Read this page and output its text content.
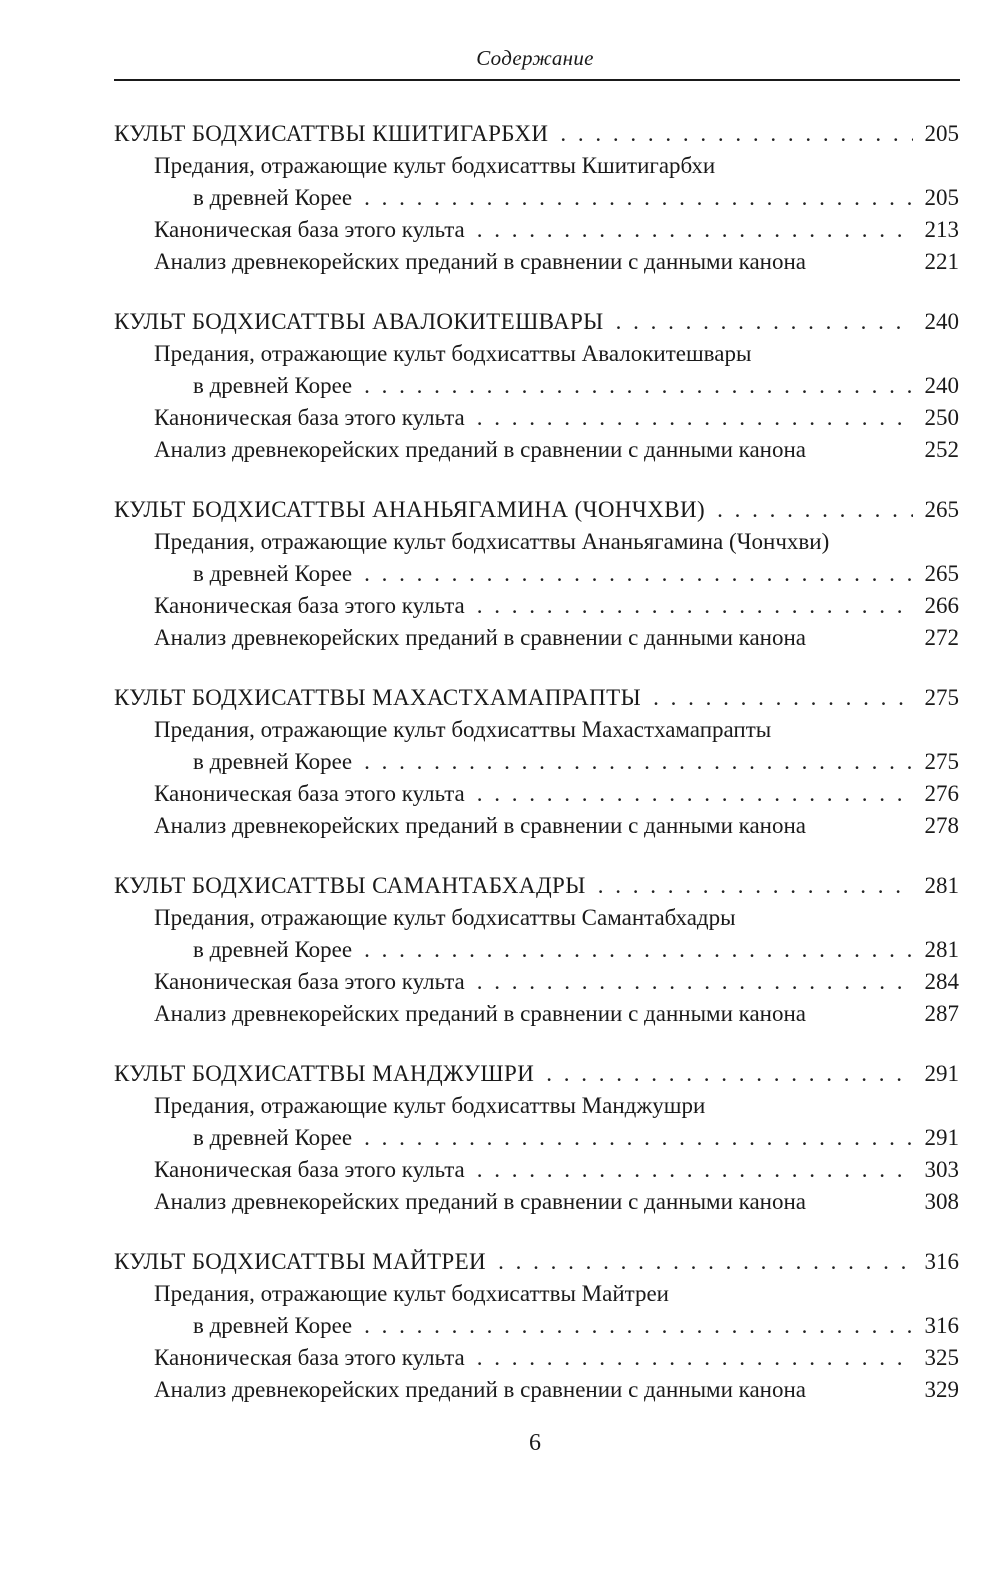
Содержание
КУЛЬТ БОДХИСАТТВЫ КШИТИГАРБХИ . . .	205
Предания, отражающие культ бодхисаттвы Кшитигарбхи
в древней Корее . . .	205
Каноническая база этого культа . . .	213
Анализ древнекорейских преданий в сравнении с данными канона	221
КУЛЬТ БОДХИСАТТВЫ АВАЛОКИТЕШВАРЫ . . .	240
Предания, отражающие культ бодхисаттвы Авалокитешвары
в древней Корее . . .	240
Каноническая база этого культа . . .	250
Анализ древнекорейских преданий в сравнении с данными канона	252
КУЛЬТ БОДХИСАТТВЫ АНАНЬЯГАМИНА (ЧОНЧХВИ) . . .	265
Предания, отражающие культ бодхисаттвы Ананьягамина (Чончхви)
в древней Корее . . .	265
Каноническая база этого культа . . .	266
Анализ древнекорейских преданий в сравнении с данными канона	272
КУЛЬТ БОДХИСАТТВЫ МАХАСТХАМАПРАПТЫ . . .	275
Предания, отражающие культ бодхисаттвы Махастхамапрапты
в древней Корее . . .	275
Каноническая база этого культа . . .	276
Анализ древнекорейских преданий в сравнении с данными канона	278
КУЛЬТ БОДХИСАТТВЫ САМАНТАБХАДРЫ . . .	281
Предания, отражающие культ бодхисаттвы Самантабхадры
в древней Корее . . .	281
Каноническая база этого культа . . .	284
Анализ древнекорейских преданий в сравнении с данными канона	287
КУЛЬТ БОДХИСАТТВЫ МАНДЖУШРИ . . .	291
Предания, отражающие культ бодхисаттвы Манджушри
в древней Корее . . .	291
Каноническая база этого культа . . .	303
Анализ древнекорейских преданий в сравнении с данными канона	308
КУЛЬТ БОДХИСАТТВЫ МАЙТРЕИ . . .	316
Предания, отражающие культ бодхисаттвы Майтреи
в древней Корее . . .	316
Каноническая база этого культа . . .	325
Анализ древнекорейских преданий в сравнении с данными канона	329
6
